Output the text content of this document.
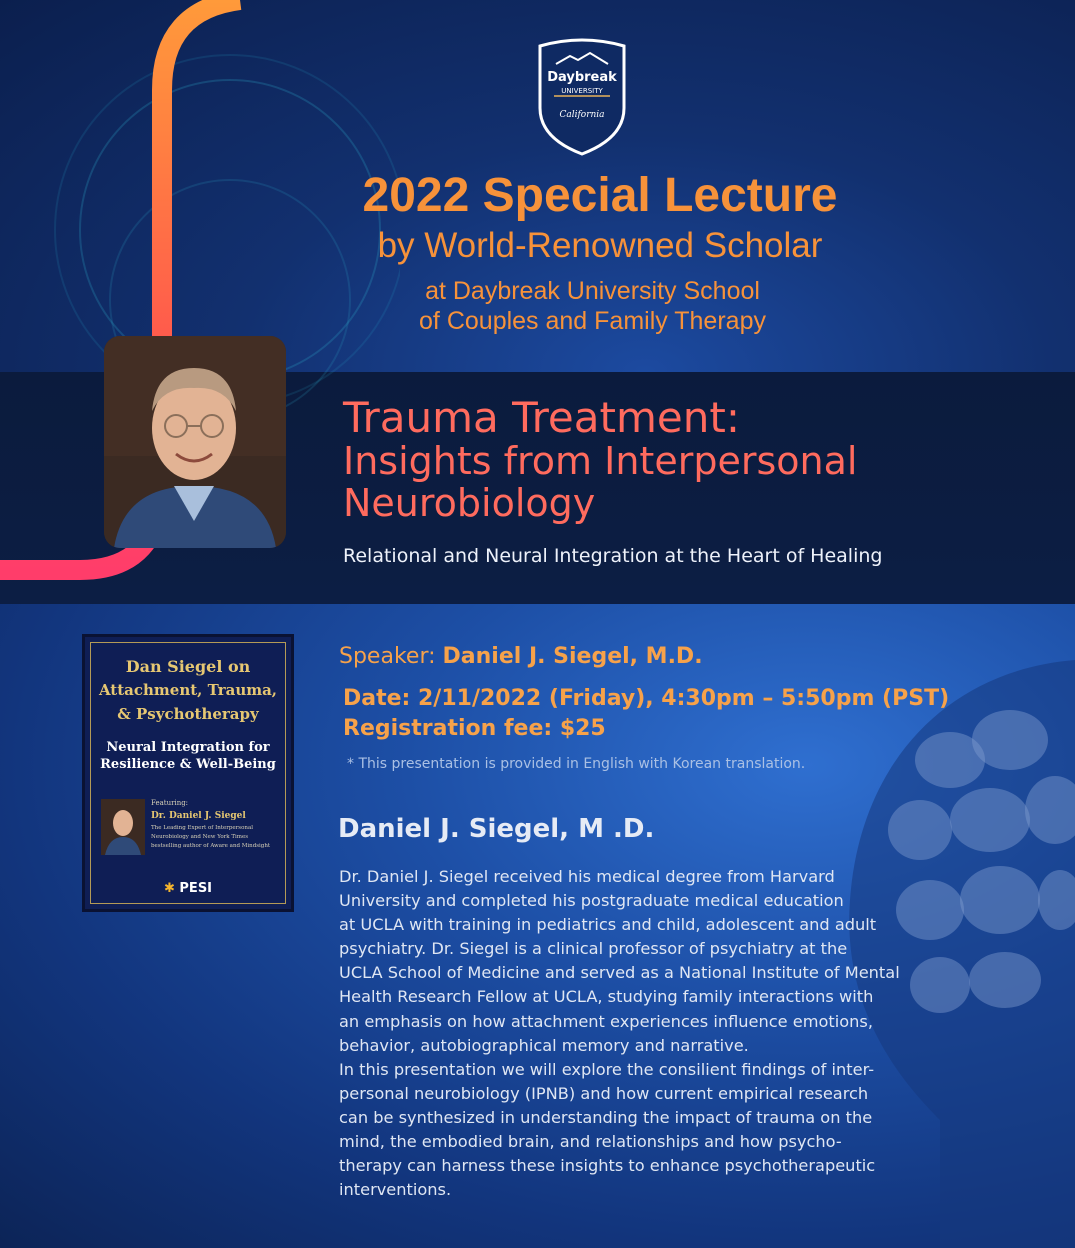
Daybreak
UNIVERSITY
California
2022 Special Lecture
by World-Renowned Scholar
at Daybreak University School
of Couples and Family Therapy
Trauma Treatment:
Insights from Interpersonal
Neurobiology
Relational and Neural Integration at the Heart of Healing
Dan Siegel on
Attachment, Trauma,
& Psychotherapy
Neural Integration for
Resilience & Well-Being
Featuring:
Dr. Daniel J. Siegel
The Leading Expert of Interpersonal
Neurobiology and New York Times
bestselling author of Aware and Mindsight
✱ PESI
Speaker: Daniel J. Siegel, M.D.
Date: 2/11/2022 (Friday), 4:30pm – 5:50pm (PST)
Registration fee: $25
* This presentation is provided in English with Korean translation.
Daniel J. Siegel, M .D.
Dr. Daniel J. Siegel received his medical degree from Harvard
University and completed his postgraduate medical education
at UCLA with training in pediatrics and child, adolescent and adult
psychiatry. Dr. Siegel is a clinical professor of psychiatry at the
UCLA School of Medicine and served as a National Institute of Mental
Health Research Fellow at UCLA, studying family interactions with
an emphasis on how attachment experiences influence emotions,
behavior, autobiographical memory and narrative.
In this presentation we will explore the consilient findings of inter-
personal neurobiology (IPNB) and how current empirical research
can be synthesized in understanding the impact of trauma on the
mind, the embodied brain, and relationships and how psycho-
therapy can harness these insights to enhance psychotherapeutic
interventions.
